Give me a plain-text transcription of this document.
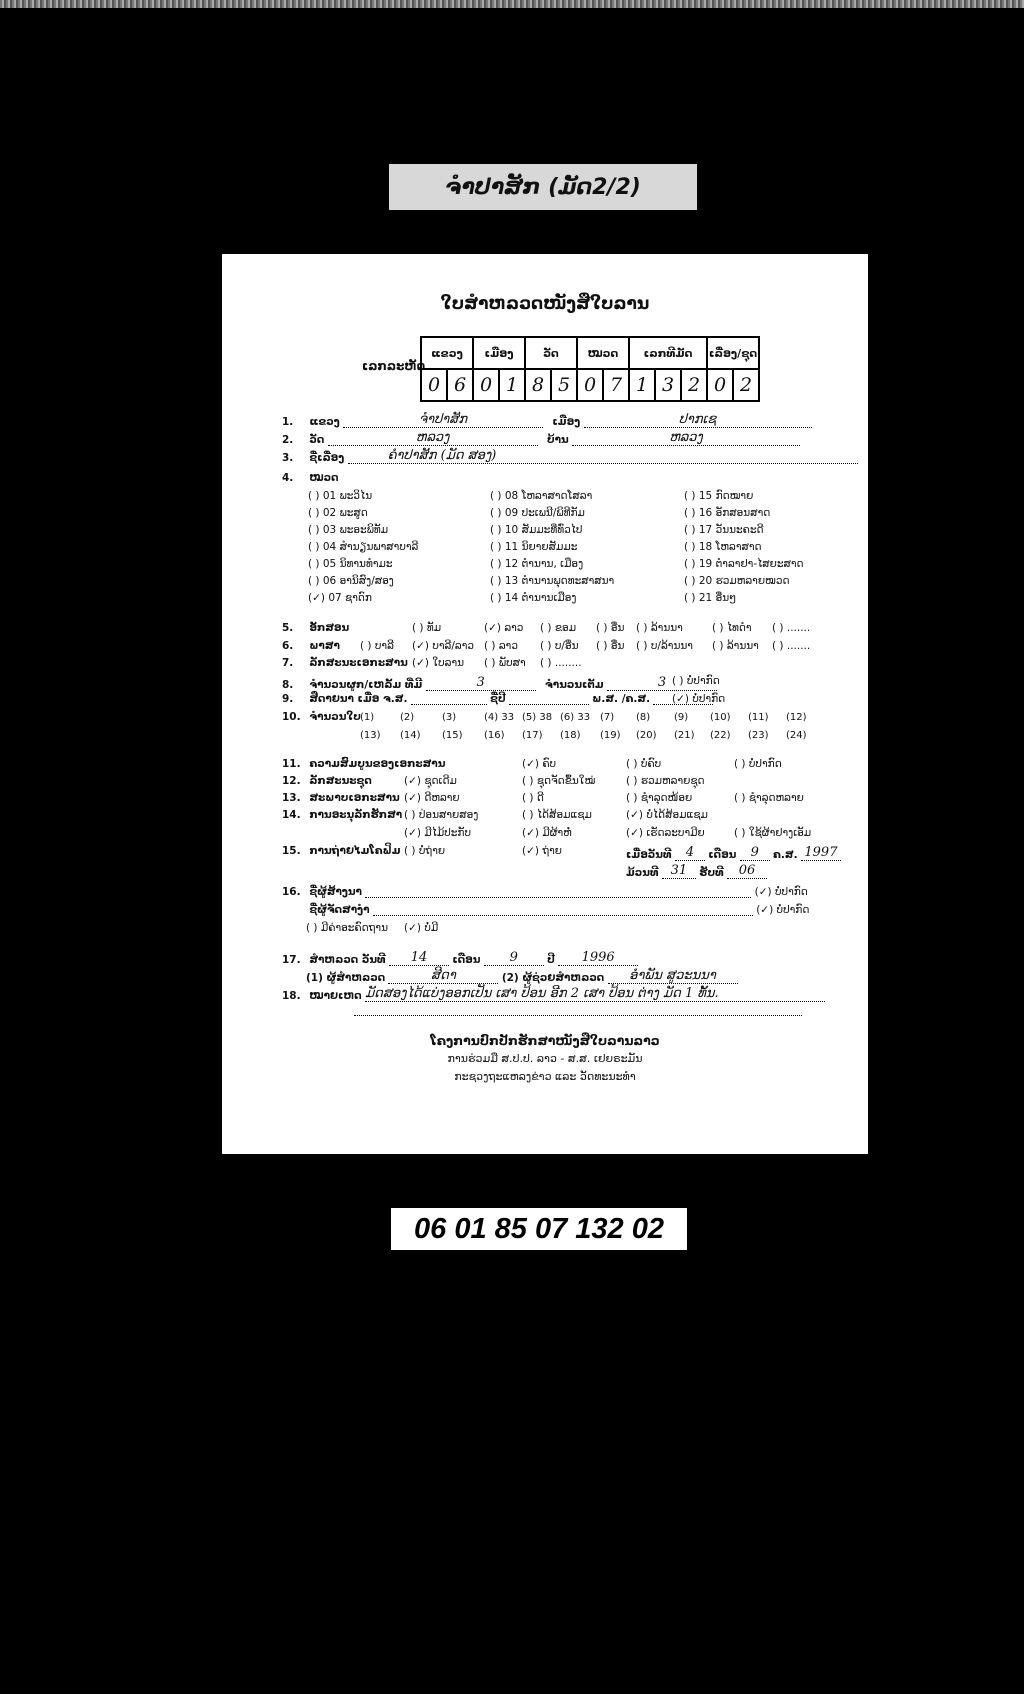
ຈຳປາສັກ (ມັດ2/2)
ໃບສຳຫລວດໜັງສືໃບລານ
ເລກລະຫັດ
ແຂວງ		ເມືອງ		ວັດ		ໝວດ		ເລກທີມັດ			ເລື່ອງ/ຊຸດ	
0	6	0	1	8	5	0	7	1	3	2	0	2
1. ແຂວງ	ຈຳປາສັກ	ເມືອງ	ປາກເຊ
2. ວັດ	ຫລວງ	ບ້ານ	ຫລວງ
3. ຊື່ເລື່ອງ	ຄຳປາສັກ (ມັດ ສອງ)
4. ໝວດ
( ) 01 ພະວິໄນ
( ) 02 ພະສູດ
( ) 03 ພະອະພິທັມ
( ) 04 ສຳນຽນພາສາບາລີ
( ) 05 ນິທານທຳມະ
( ) 06 ອານິສົງ/ສອງ
(✓) 07 ຊາດົກ
( ) 08 ໂຫລາສາດໂສລາ
( ) 09 ປະເພນີ/ພິທີກັມ
( ) 10 ສັມມະທີ່ທົ່ວໄປ
( ) 11 ນິຍາຍສັມມະ
( ) 12 ຕຳນານ, ເມືອງ
( ) 13 ຕຳນານພຸດທະສາສນາ
( ) 14 ຕຳນານເມືອງ
( ) 15 ກົດໝາຍ
( ) 16 ອັກສອນສາດ
( ) 17 ວັນນະຄະດີ
( ) 18 ໂຫລາສາດ
( ) 19 ຕຳລາຢາ-ໄສຍະສາດ
( ) 20 ຮວມຫລາຍໝວດ
( ) 21 ອື່ນໆ
5. ອັກສອນ	( ) ທັມ	(✓) ລາວ ( ) ຂອມ ( ) ອື່ນ ( ) ລ້ານນາ	( ) ໄທດຳ ( ) .......
6. ພາສາ ( ) ບາລີ (✓) ບາລີ/ລາວ ( ) ລາວ ( ) ບ/ອື່ນ ( ) ອື່ນ ( ) ບ/ລ້ານນາ ( ) ລ້ານນາ ( ) .......
7. ລັກສະນະເອກະສານ (✓) ໃບລານ ( ) ພັບສາ ( ) ........
8. ຈຳນວນຜູກ/ເຫລັ້ມ ທີ່ມີ	3	ຈຳນວນເຕັມ	3 ( ) ບໍ່ປາກົດ
9. ສືດາຍນາ ເມື່ອ ຈ.ສ.	ຊື່ປີ	ພ.ສ. /ຄ.ສ.	(✓) ບໍ່ປາກົດ
10. ຈຳນວນໃບ (1)	(2)	(3)	(4) 33 (5) 38 (6) 33 (7) (8) (9) (10) (11) (12)
(13) (14) (15) (16) (17) (18) (19) (20) (21) (22) (23) (24)
11. ຄວາມສົມບູນຂອງເອກະສານ	(✓) ຄົບ	( ) ບໍ່ຄົບ	( ) ບໍ່ປາກົດ
12. ລັກສະນະຊຸດ	(✓) ຊຸດເດີມ	( ) ຊຸດຈັດຂຶ້ນໃໝ່	( ) ຮວມຫລາຍຊຸດ
13. ສະພາບເອກະສານ (✓) ດີຫລາຍ	( ) ດີ	( ) ຊຳລຸດໜ້ອຍ	( ) ຊຳລຸດຫລາຍ
14. ການອະນຸລັກຮັກສາ ( ) ປ່ອນສາຍສອງ	( ) ໄດ້ສ້ອມແຊມ	(✓) ບໍ່ໄດ້ສ້ອມແຊມ
(✓) ມີໄມ້ປະກັບ	(✓) ມີຜ້າຫໍ່	(✓) ເຮັດລະບາມີຍ	( ) ໃຊ້ຜ້າຢາງເອັມ
15. ການຖ່າຍໄມໂຄຟິມ ( ) ບໍ່ຖ່າຍ	(✓) ຖ່າຍ	ເມື່ອວັນທີ 4 ເດືອນ 9 ຄ.ສ. 1997
ມ້ວນທີ 31 ຮັບທີ 06
16. ຊື່ຜູ້ສ້າງນາ	(✓) ບໍ່ປາກົດ
ຊື່ຜູ້ຈັດສາງຳ	(✓) ບໍ່ປາກົດ
( ) ມີຄ່າອະຄົດຖານ (✓) ບໍ່ມີ
17. ສຳຫລວດ ວັນທີ 14 ເດືອນ 9	ປີ 1996
(1) ຜູ້ສຳຫລວດ	ສີດາ	(2) ຜູ້ຊ່ວຍສຳຫລວດ ອຳພັນ ສູວະນນາ
18. ໝາຍເຫດ ມັດສອງໄດ້ແບ່ງອອກເປັນ ເສາ ປ້ອນ ອີກ 2 ເສາ ປ້ອນ ຕ່າງ ມັດ 1 ທັ້ນ.
ໂຄງການປົກປັກຮັກສາໜັງສືໃບລານລາວ
ການຮ່ວມມື ສ.ປ.ປ. ລາວ - ສ.ສ. ເຢຍຣະມັນ
ກະຊວງຖະແຫລງຂ່າວ ແລະ ວັດທະນະທຳ
06 01 85 07 132 02
